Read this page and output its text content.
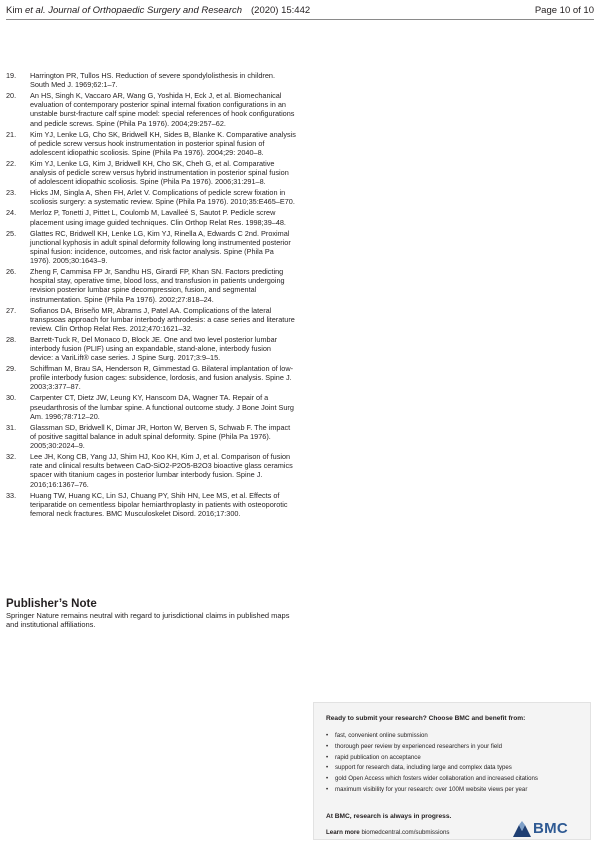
Kim et al. Journal of Orthopaedic Surgery and Research (2020) 15:442	Page 10 of 10
19. Harrington PR, Tullos HS. Reduction of severe spondylolisthesis in children. South Med J. 1969;62:1–7.
20. An HS, Singh K, Vaccaro AR, Wang G, Yoshida H, Eck J, et al. Biomechanical evaluation of contemporary posterior spinal internal fixation configurations in an unstable burst-fracture calf spine model: special references of hook configurations and pedicle screws. Spine (Phila Pa 1976). 2004;29:257–62.
21. Kim YJ, Lenke LG, Cho SK, Bridwell KH, Sides B, Blanke K. Comparative analysis of pedicle screw versus hook instrumentation in posterior spinal fusion of adolescent idiopathic scoliosis. Spine (Phila Pa 1976). 2004;29: 2040–8.
22. Kim YJ, Lenke LG, Kim J, Bridwell KH, Cho SK, Cheh G, et al. Comparative analysis of pedicle screw versus hybrid instrumentation in posterior spinal fusion of adolescent idiopathic scoliosis. Spine (Phila Pa 1976). 2006;31:291–8.
23. Hicks JM, Singla A, Shen FH, Arlet V. Complications of pedicle screw fixation in scoliosis surgery: a systematic review. Spine (Phila Pa 1976). 2010;35:E465–E70.
24. Merloz P, Tonetti J, Pittet L, Coulomb M, Lavalleé S, Sautot P. Pedicle screw placement using image guided techniques. Clin Orthop Relat Res. 1998;39–48.
25. Glattes RC, Bridwell KH, Lenke LG, Kim YJ, Rinella A, Edwards C 2nd. Proximal junctional kyphosis in adult spinal deformity following long instrumented posterior spinal fusion: incidence, outcomes, and risk factor analysis. Spine (Phila Pa 1976). 2005;30:1643–9.
26. Zheng F, Cammisa FP Jr, Sandhu HS, Girardi FP, Khan SN. Factors predicting hospital stay, operative time, blood loss, and transfusion in patients undergoing revision posterior lumbar spine decompression, fusion, and segmental instrumentation. Spine (Phila Pa 1976). 2002;27:818–24.
27. Sofianos DA, Briseño MR, Abrams J, Patel AA. Complications of the lateral transpsoas approach for lumbar interbody arthrodesis: a case series and literature review. Clin Orthop Relat Res. 2012;470:1621–32.
28. Barrett-Tuck R, Del Monaco D, Block JE. One and two level posterior lumbar interbody fusion (PLIF) using an expandable, stand-alone, interbody fusion device: a VariLift® case series. J Spine Surg. 2017;3:9–15.
29. Schiffman M, Brau SA, Henderson R, Gimmestad G. Bilateral implantation of low-profile interbody fusion cages: subsidence, lordosis, and fusion analysis. Spine J. 2003;3:377–87.
30. Carpenter CT, Dietz JW, Leung KY, Hanscom DA, Wagner TA. Repair of a pseudarthrosis of the lumbar spine. A functional outcome study. J Bone Joint Surg Am. 1996;78:712–20.
31. Glassman SD, Bridwell K, Dimar JR, Horton W, Berven S, Schwab F. The impact of positive sagittal balance in adult spinal deformity. Spine (Phila Pa 1976). 2005;30:2024–9.
32. Lee JH, Kong CB, Yang JJ, Shim HJ, Koo KH, Kim J, et al. Comparison of fusion rate and clinical results between CaO-SiO2-P2O5-B2O3 bioactive glass ceramics spacer with titanium cages in posterior lumbar interbody fusion. Spine J. 2016;16:1367–76.
33. Huang TW, Huang KC, Lin SJ, Chuang PY, Shih HN, Lee MS, et al. Effects of teriparatide on cementless bipolar hemiarthroplasty in patients with osteoporotic femoral neck fractures. BMC Musculoskelet Disord. 2016;17:300.
Publisher’s Note
Springer Nature remains neutral with regard to jurisdictional claims in published maps and institutional affiliations.
Ready to submit your research? Choose BMC and benefit from:
• fast, convenient online submission
• thorough peer review by experienced researchers in your field
• rapid publication on acceptance
• support for research data, including large and complex data types
• gold Open Access which fosters wider collaboration and increased citations
• maximum visibility for your research: over 100M website views per year
At BMC, research is always in progress.
Learn more biomedcentral.com/submissions	BMC
